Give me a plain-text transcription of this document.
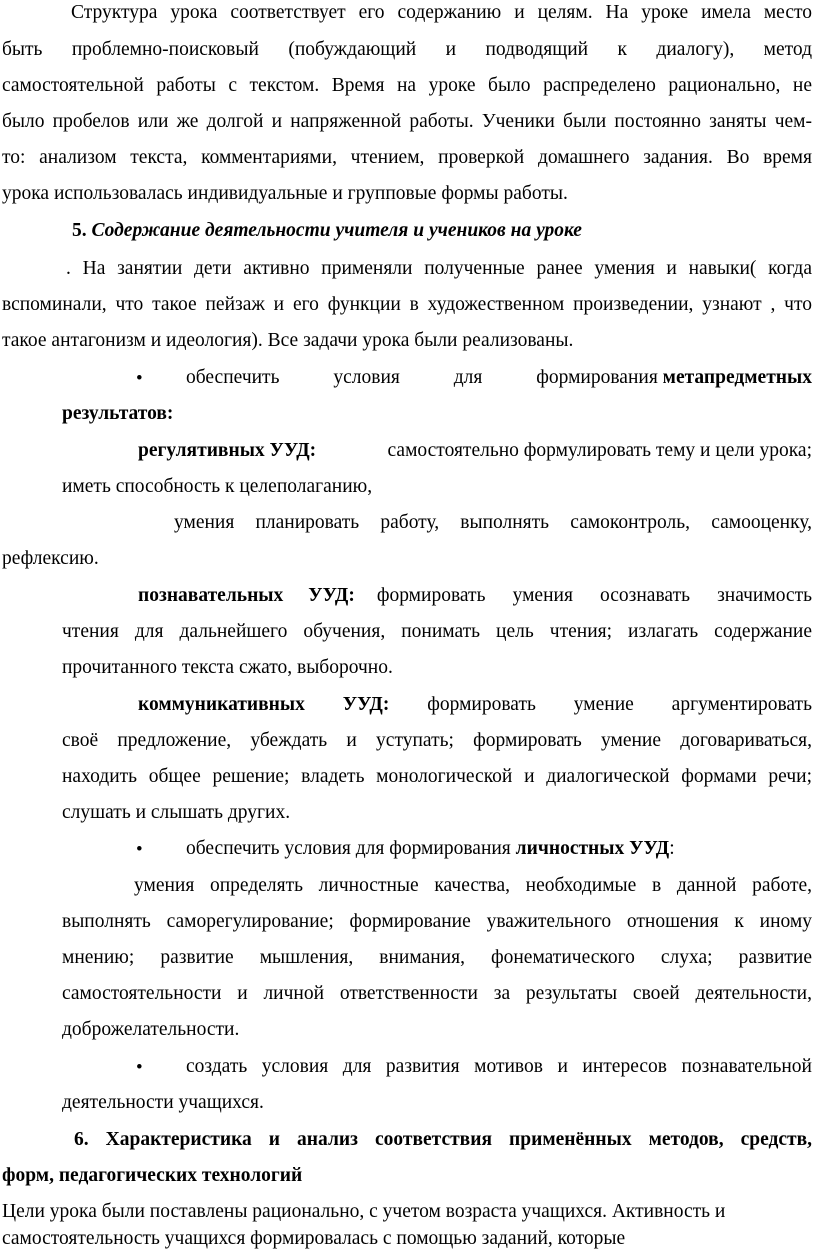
Структура урока соответствует его содержанию и целям. На уроке имела место

быть проблемно-поисковый (побуждающий и подводящий к диалогу), метод

самостоятельной работы с текстом. Время на уроке было распределено рационально, не

было пробелов или же долгой и напряженной работы. Ученики были постоянно заняты чем-

то: анализом текста, комментариями, чтением, проверкой домашнего задания. Во время

урока использовалась индивидуальные и групповые формы работы.

5. Содержание деятельности учителя и учеников на уроке

. На занятии дети активно применяли полученные ранее умения и навыки( когда

вспоминали, что такое пейзаж и его функции в художественном произведении, узнают , что

такое антагонизм и идеология). Все задачи урока были реализованы.

• обеспечить	условия	для	формирования метапредметных

результатов:

регулятивных УУД:	самостоятельно формулировать тему и цели урока;

иметь способность к целеполаганию,

умения планировать работу, выполнять самоконтроль, самооценку,

рефлексию.

познавательных УУД: формировать умения осознавать значимость

чтения для дальнейшего обучения, понимать цель чтения; излагать содержание

прочитанного текста сжато, выборочно.

коммуникативных УУД: формировать умение аргументировать

своё предложение, убеждать и уступать; формировать умение договариваться,

находить общее решение; владеть монологической и диалогической формами речи;

слушать и слышать других.

• обеспечить условия для формирования личностных УУД:

умения определять личностные качества, необходимые в данной работе,

выполнять саморегулирование; формирование уважительного отношения к иному

мнению; развитие мышления, внимания, фонематического слуха; развитие

самостоятельности и личной ответственности за результаты своей деятельности,

доброжелательности.

• создать условия для развития мотивов и интересов познавательной

деятельности учащихся.

6. Характеристика и анализ соответствия применённых методов, средств,

форм, педагогических технологий

Цели урока были поставлены рационально, с учетом возраста учащихся. Активность и

самостоятельность учащихся формировалась с помощью заданий, которые
